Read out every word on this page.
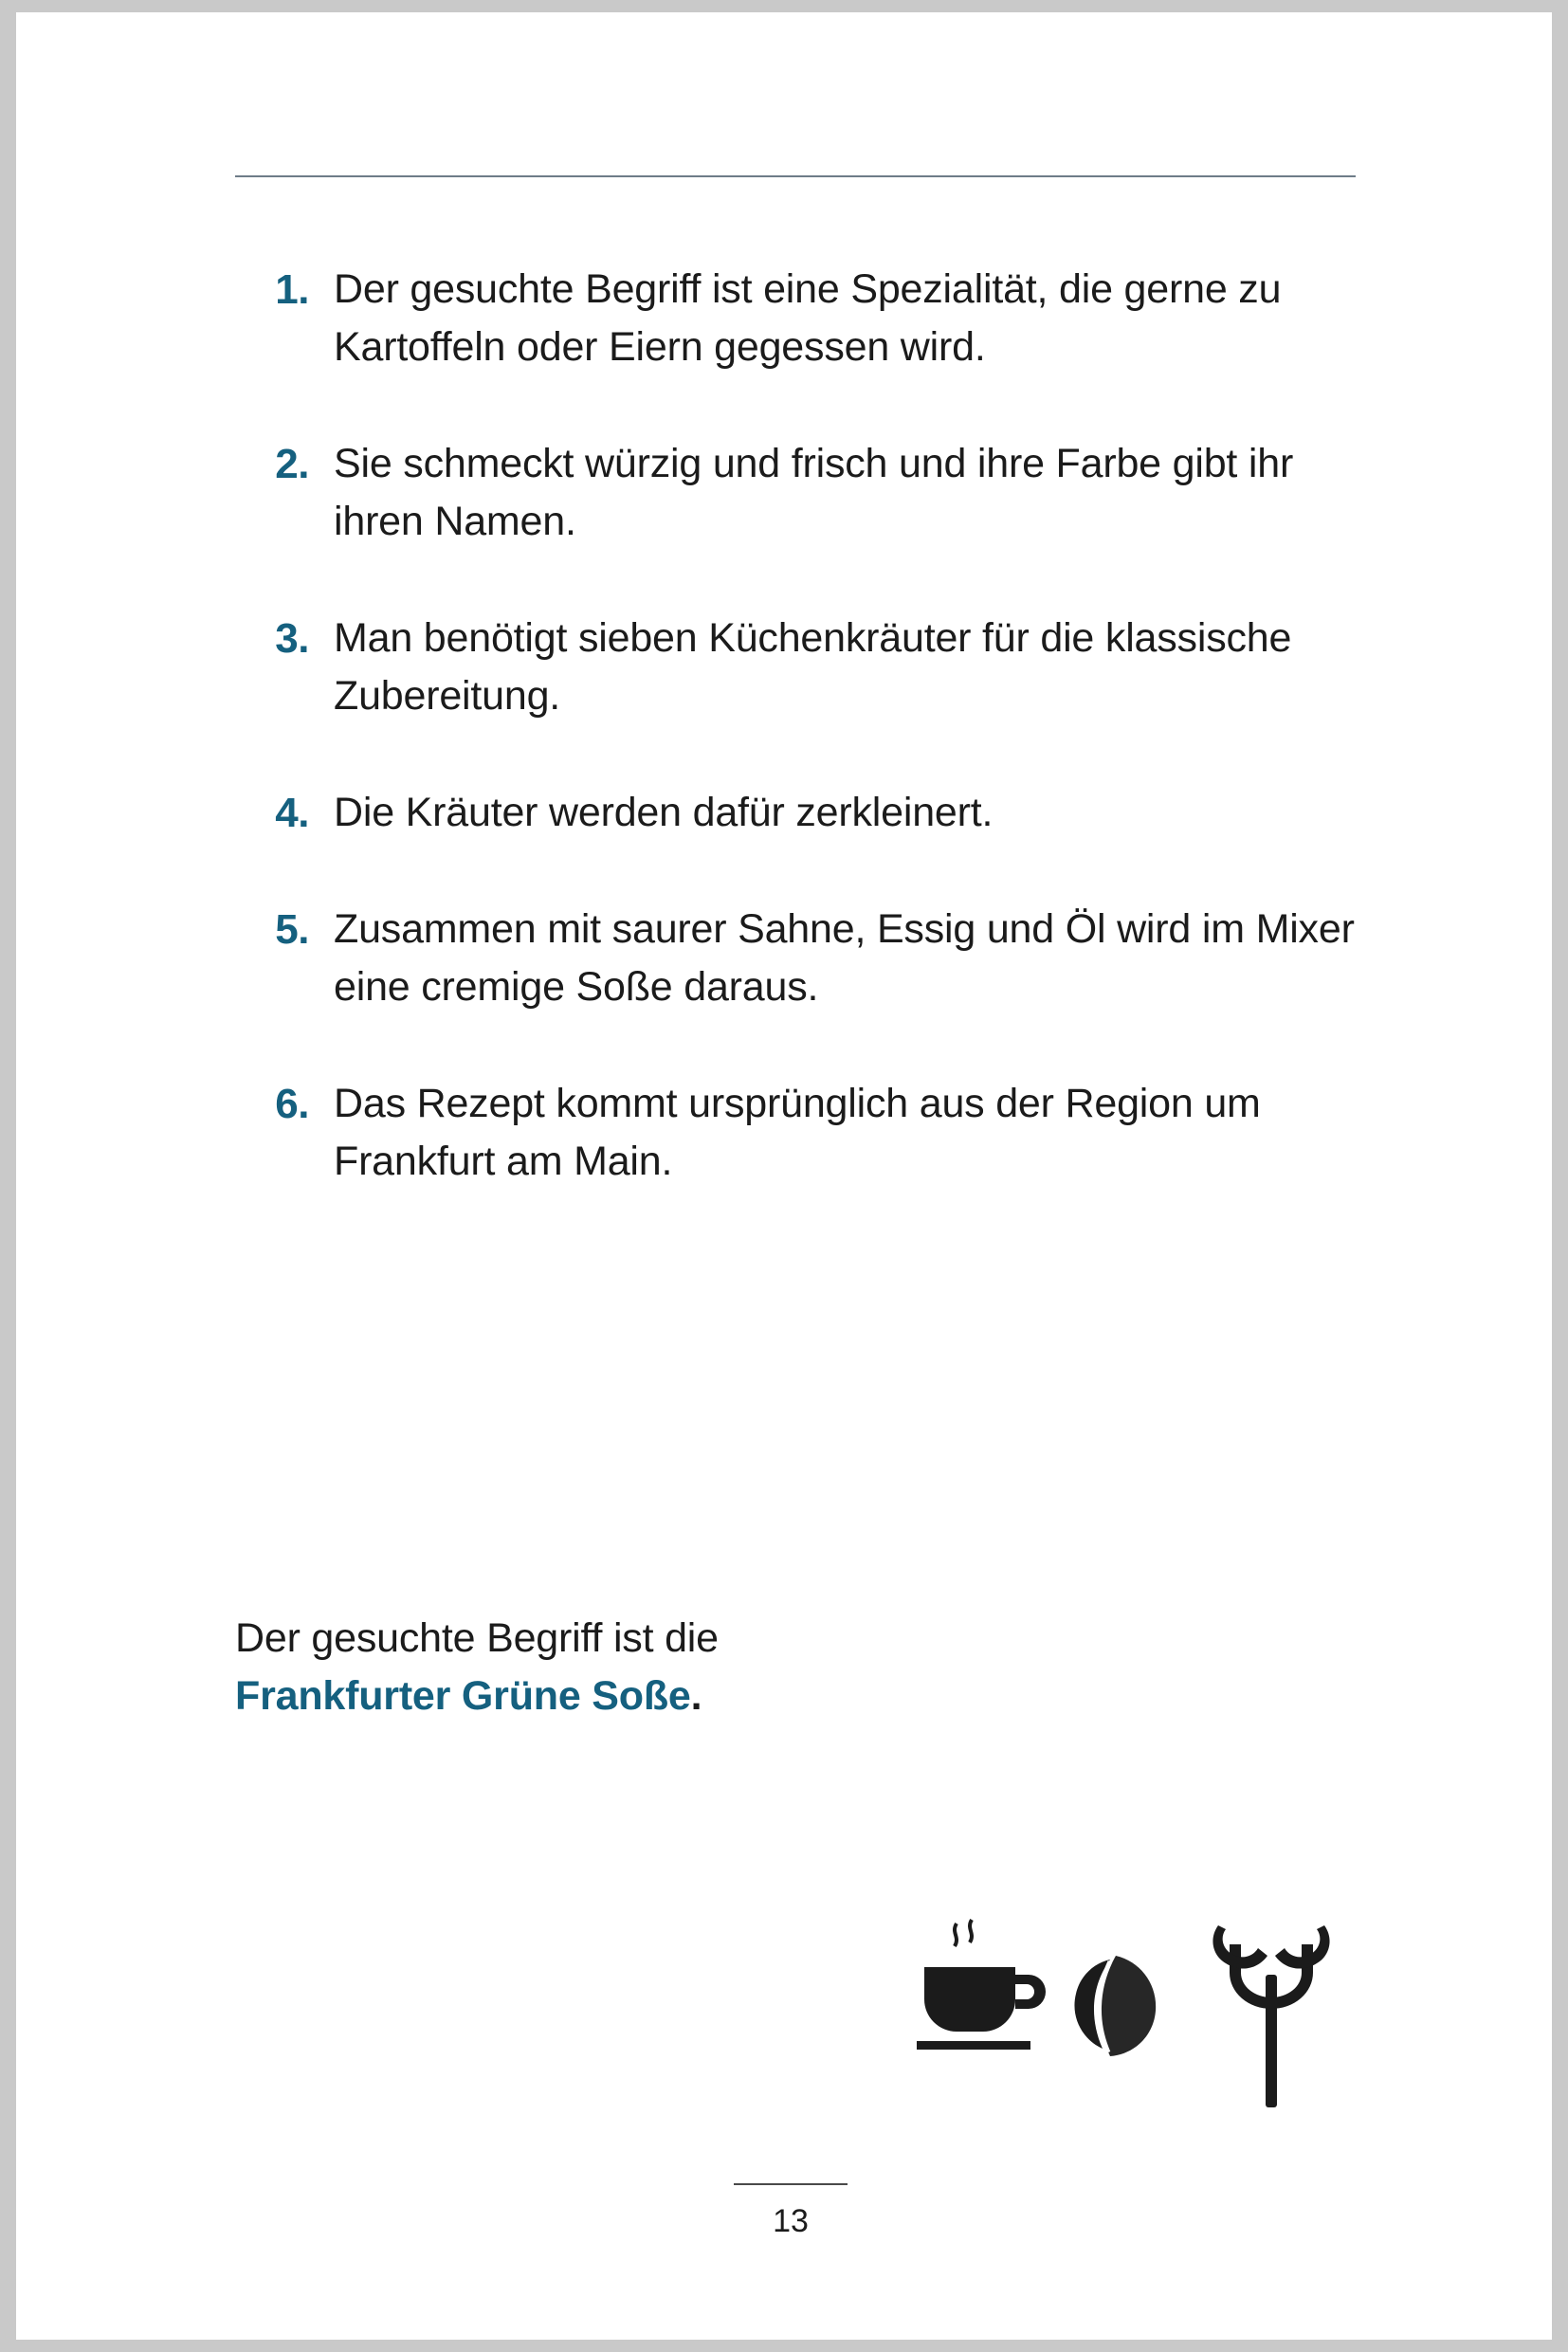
1. Der gesuchte Begriff ist eine Spezialität, die gerne zu Kartoffeln oder Eiern gegessen wird.
2. Sie schmeckt würzig und frisch und ihre Farbe gibt ihr ihren Namen.
3. Man benötigt sieben Küchenkräuter für die klassische Zubereitung.
4. Die Kräuter werden dafür zerkleinert.
5. Zusammen mit saurer Sahne, Essig und Öl wird im Mixer eine cremige Soße daraus.
6. Das Rezept kommt ursprünglich aus der Region um Frankfurt am Main.
Der gesuchte Begriff ist die
Frankfurter Grüne Soße.
13
